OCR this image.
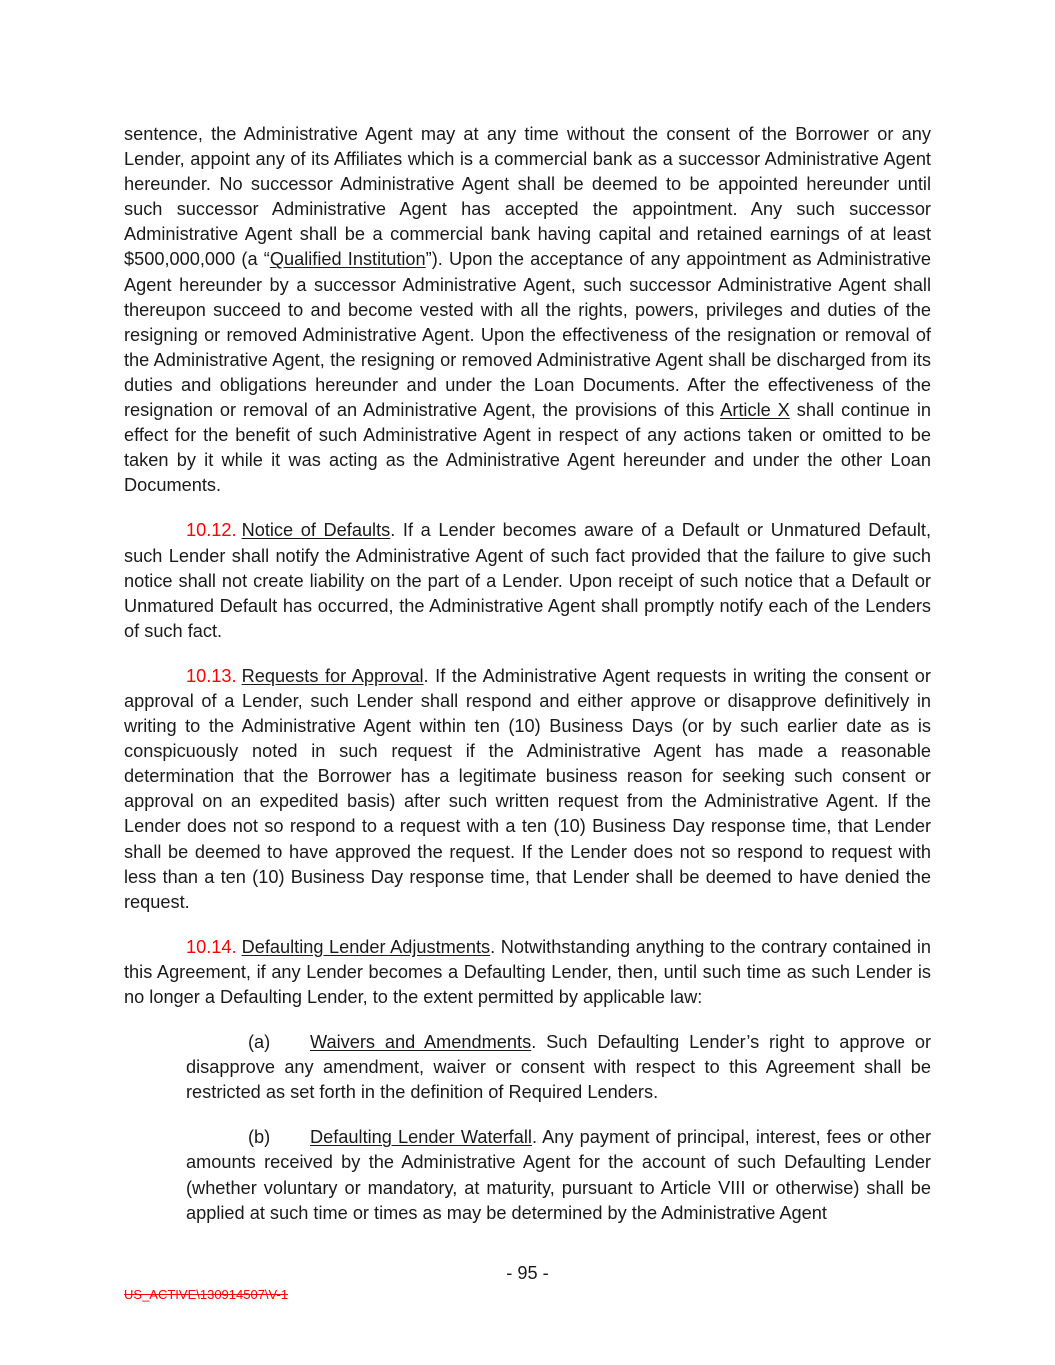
sentence, the Administrative Agent may at any time without the consent of the Borrower or any Lender, appoint any of its Affiliates which is a commercial bank as a successor Administrative Agent hereunder. No successor Administrative Agent shall be deemed to be appointed hereunder until such successor Administrative Agent has accepted the appointment. Any such successor Administrative Agent shall be a commercial bank having capital and retained earnings of at least $500,000,000 (a “Qualified Institution”). Upon the acceptance of any appointment as Administrative Agent hereunder by a successor Administrative Agent, such successor Administrative Agent shall thereupon succeed to and become vested with all the rights, powers, privileges and duties of the resigning or removed Administrative Agent. Upon the effectiveness of the resignation or removal of the Administrative Agent, the resigning or removed Administrative Agent shall be discharged from its duties and obligations hereunder and under the Loan Documents. After the effectiveness of the resignation or removal of an Administrative Agent, the provisions of this Article X shall continue in effect for the benefit of such Administrative Agent in respect of any actions taken or omitted to be taken by it while it was acting as the Administrative Agent hereunder and under the other Loan Documents.

10.12. Notice of Defaults. If a Lender becomes aware of a Default or Unmatured Default, such Lender shall notify the Administrative Agent of such fact provided that the failure to give such notice shall not create liability on the part of a Lender. Upon receipt of such notice that a Default or Unmatured Default has occurred, the Administrative Agent shall promptly notify each of the Lenders of such fact.

10.13. Requests for Approval. If the Administrative Agent requests in writing the consent or approval of a Lender, such Lender shall respond and either approve or disapprove definitively in writing to the Administrative Agent within ten (10) Business Days (or by such earlier date as is conspicuously noted in such request if the Administrative Agent has made a reasonable determination that the Borrower has a legitimate business reason for seeking such consent or approval on an expedited basis) after such written request from the Administrative Agent. If the Lender does not so respond to a request with a ten (10) Business Day response time, that Lender shall be deemed to have approved the request. If the Lender does not so respond to request with less than a ten (10) Business Day response time, that Lender shall be deemed to have denied the request.

10.14. Defaulting Lender Adjustments. Notwithstanding anything to the contrary contained in this Agreement, if any Lender becomes a Defaulting Lender, then, until such time as such Lender is no longer a Defaulting Lender, to the extent permitted by applicable law:

(a) Waivers and Amendments. Such Defaulting Lender’s right to approve or disapprove any amendment, waiver or consent with respect to this Agreement shall be restricted as set forth in the definition of Required Lenders.

(b) Defaulting Lender Waterfall. Any payment of principal, interest, fees or other amounts received by the Administrative Agent for the account of such Defaulting Lender (whether voluntary or mandatory, at maturity, pursuant to Article VIII or otherwise) shall be applied at such time or times as may be determined by the Administrative Agent

- 95 -
US_ACTIVE\130914507\V-1
